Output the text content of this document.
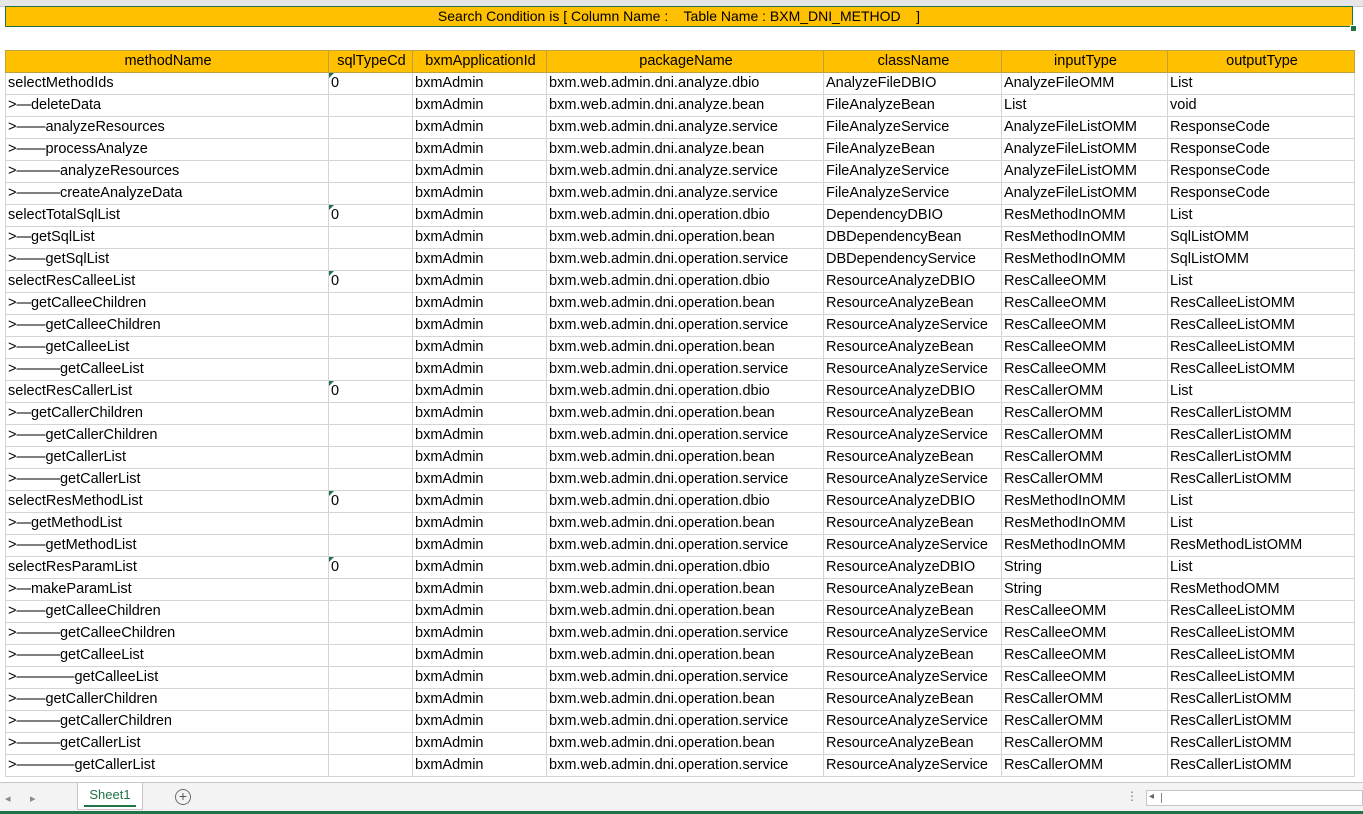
Search Condition is [ Column Name :    Table Name : BXM_DNI_METHOD    ]
methodName	sqlTypeCd	bxmApplicationId	packageName	className	inputType	outputType
selectMethodIds	0	bxmAdmin	bxm.web.admin.dni.analyze.dbio	AnalyzeFileDBIO	AnalyzeFileOMM	List
>—deleteData		bxmAdmin	bxm.web.admin.dni.analyze.bean	FileAnalyzeBean	List	void
>——analyzeResources		bxmAdmin	bxm.web.admin.dni.analyze.service	FileAnalyzeService	AnalyzeFileListOMM	ResponseCode
>——processAnalyze		bxmAdmin	bxm.web.admin.dni.analyze.bean	FileAnalyzeBean	AnalyzeFileListOMM	ResponseCode
>———analyzeResources		bxmAdmin	bxm.web.admin.dni.analyze.service	FileAnalyzeService	AnalyzeFileListOMM	ResponseCode
>———createAnalyzeData		bxmAdmin	bxm.web.admin.dni.analyze.service	FileAnalyzeService	AnalyzeFileListOMM	ResponseCode
selectTotalSqlList	0	bxmAdmin	bxm.web.admin.dni.operation.dbio	DependencyDBIO	ResMethodInOMM	List
>—getSqlList		bxmAdmin	bxm.web.admin.dni.operation.bean	DBDependencyBean	ResMethodInOMM	SqlListOMM
>——getSqlList		bxmAdmin	bxm.web.admin.dni.operation.service	DBDependencyService	ResMethodInOMM	SqlListOMM
selectResCalleeList	0	bxmAdmin	bxm.web.admin.dni.operation.dbio	ResourceAnalyzeDBIO	ResCalleeOMM	List
>—getCalleeChildren		bxmAdmin	bxm.web.admin.dni.operation.bean	ResourceAnalyzeBean	ResCalleeOMM	ResCalleeListOMM
>——getCalleeChildren		bxmAdmin	bxm.web.admin.dni.operation.service	ResourceAnalyzeService	ResCalleeOMM	ResCalleeListOMM
>——getCalleeList		bxmAdmin	bxm.web.admin.dni.operation.bean	ResourceAnalyzeBean	ResCalleeOMM	ResCalleeListOMM
>———getCalleeList		bxmAdmin	bxm.web.admin.dni.operation.service	ResourceAnalyzeService	ResCalleeOMM	ResCalleeListOMM
selectResCallerList	0	bxmAdmin	bxm.web.admin.dni.operation.dbio	ResourceAnalyzeDBIO	ResCallerOMM	List
>—getCallerChildren		bxmAdmin	bxm.web.admin.dni.operation.bean	ResourceAnalyzeBean	ResCallerOMM	ResCallerListOMM
>——getCallerChildren		bxmAdmin	bxm.web.admin.dni.operation.service	ResourceAnalyzeService	ResCallerOMM	ResCallerListOMM
>——getCallerList		bxmAdmin	bxm.web.admin.dni.operation.bean	ResourceAnalyzeBean	ResCallerOMM	ResCallerListOMM
>———getCallerList		bxmAdmin	bxm.web.admin.dni.operation.service	ResourceAnalyzeService	ResCallerOMM	ResCallerListOMM
selectResMethodList	0	bxmAdmin	bxm.web.admin.dni.operation.dbio	ResourceAnalyzeDBIO	ResMethodInOMM	List
>—getMethodList		bxmAdmin	bxm.web.admin.dni.operation.bean	ResourceAnalyzeBean	ResMethodInOMM	List
>——getMethodList		bxmAdmin	bxm.web.admin.dni.operation.service	ResourceAnalyzeService	ResMethodInOMM	ResMethodListOMM
selectResParamList	0	bxmAdmin	bxm.web.admin.dni.operation.dbio	ResourceAnalyzeDBIO	String	List
>—makeParamList		bxmAdmin	bxm.web.admin.dni.operation.bean	ResourceAnalyzeBean	String	ResMethodOMM
>——getCalleeChildren		bxmAdmin	bxm.web.admin.dni.operation.bean	ResourceAnalyzeBean	ResCalleeOMM	ResCalleeListOMM
>———getCalleeChildren		bxmAdmin	bxm.web.admin.dni.operation.service	ResourceAnalyzeService	ResCalleeOMM	ResCalleeListOMM
>———getCalleeList		bxmAdmin	bxm.web.admin.dni.operation.bean	ResourceAnalyzeBean	ResCalleeOMM	ResCalleeListOMM
>————getCalleeList		bxmAdmin	bxm.web.admin.dni.operation.service	ResourceAnalyzeService	ResCalleeOMM	ResCalleeListOMM
>——getCallerChildren		bxmAdmin	bxm.web.admin.dni.operation.bean	ResourceAnalyzeBean	ResCallerOMM	ResCallerListOMM
>———getCallerChildren		bxmAdmin	bxm.web.admin.dni.operation.service	ResourceAnalyzeService	ResCallerOMM	ResCallerListOMM
>———getCallerList		bxmAdmin	bxm.web.admin.dni.operation.bean	ResourceAnalyzeBean	ResCallerOMM	ResCallerListOMM
>————getCallerList		bxmAdmin	bxm.web.admin.dni.operation.service	ResourceAnalyzeService	ResCallerOMM	ResCallerListOMM
◂ ▸	Sheet1	+	⋮ ◂
